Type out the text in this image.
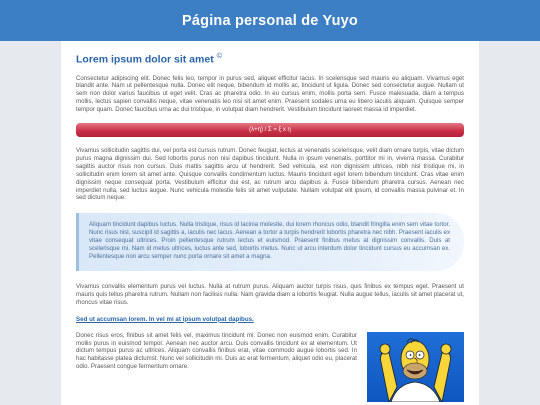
Página personal de Yuyo
Lorem ipsum dolor sit amet ©

Consectetur adipiscing elit. Donec felis leo, tempor in purus sed, aliquet efficitur lacus. In scelerisque sed mauris eu aliquam. Vivamus eget blandit ante. Nam ut pellentesque nulla. Donec elit neque, bibendum id mollis ac, tincidunt ut ligula. Donec sed consectetur augue. Nullam ut sem non dolor varius faucibus ut eget velit. Cras ac pharetra odio. In eu cursus enim, mollis porta sem. Fusce malesuada, diam a tempus mollis, lectus sapien convallis neque, vitae venenatis leo nisi sit amet enim. Praesent sodales urna eu libero iaculis aliquam. Quisque semper tempor quam. Donec faucibus urna ac dui tristique, in volutpat diam hendrerit. Vestibulum tincidunt laoreet massa id imperdiet.

(λ+η) / Σ = ξ x η

Vivamus sollicitudin sagittis dui, vel porta est cursus rutrum. Donec feugiat, lectus at venenatis scelerisque, velit diam ornare turpis, vitae dictum purus magna dignissim dui. Sed lobortis purus non nisi dapibus tincidunt. Nulla in ipsum venenatis, porttitor mi in, viverra massa. Curabitur sagittis auctor risus non cursus. Duis mattis sagittis arcu ut hendrerit. Sed vehicula, est non dignissim ultrices, nibh nisl tristique mi, in sollicitudin enim lorem sit amet ante. Quisque convallis condimentum luctus. Mauris tincidunt eget lorem bibendum tincidunt. Cras vitae enim dignissim neque consequat porta. Vestibulum efficitur dui est, ac rutrum arcu dapibus a. Fusce bibendum pharetra cursus. Aenean nec imperdiet nulla, sed luctus augue. Nunc vehicula molestie felis sit amet vulputate. Nullam volutpat elit ipsum, id convallis massa pulvinar et. In sed dictum neque.

Aliquam tincidunt dapibus luctus. Nulla tristique, risus id lacinia molestie, dui lorem rhoncus odio, blandit fringilla enim sem vitae tortor. Nunc risus nisl, suscipit id sagittis a, iaculis nec lacus. Aenean a tortor a turpis hendrerit lobortis pharetra nec nibh. Praesent iaculis ex vitae consequat ultrices. Proin pellentesque rutrum lectus et euismod. Praesent finibus metus at dignissim convallis. Duis at scelerisque mi. Nam id metus ultrices, luctus ante sed, lobortis metus. Nunc ut arcu interdum dolor tincidunt cursus eu accumsan ex. Pellentesque non arcu semper nunc porta ornare sit amet a magna.

Vivamus convallis elementum purus vel luctus. Nulla at rutrum purus. Aliquam auctor turpis risus, quis finibus ex tempus eget. Praesent ut mauris quis tellus pharetra rutrum. Nullam non facilisis nulla. Nam gravida diam a lobortis feugiat. Nulla augue tellus, iaculis sit amet placerat ut, rhoncus vitae risus.

Sed ut accumsan lorem. In vel mi at ipsum volutpat dapibus.

Donec risus eros, finibus sit amet felis vel, maximus tincidunt mi. Donec non euismod enim. Curabitur mollis purus in euismod tempor. Aenean nec auctor arcu. Duis convallis tincidunt ex at elementum. Ut dictum tempus purus ac ultrices. Aliquam convallis finibus erat, vitae commodo augue lobortis sed. In hac habitasse platea dictumst. Nunc vel sollicitudin mi. Duis ac erat fermentum, aliquet odio eu, placerat odio. Praesent congue fermentum ornare.
